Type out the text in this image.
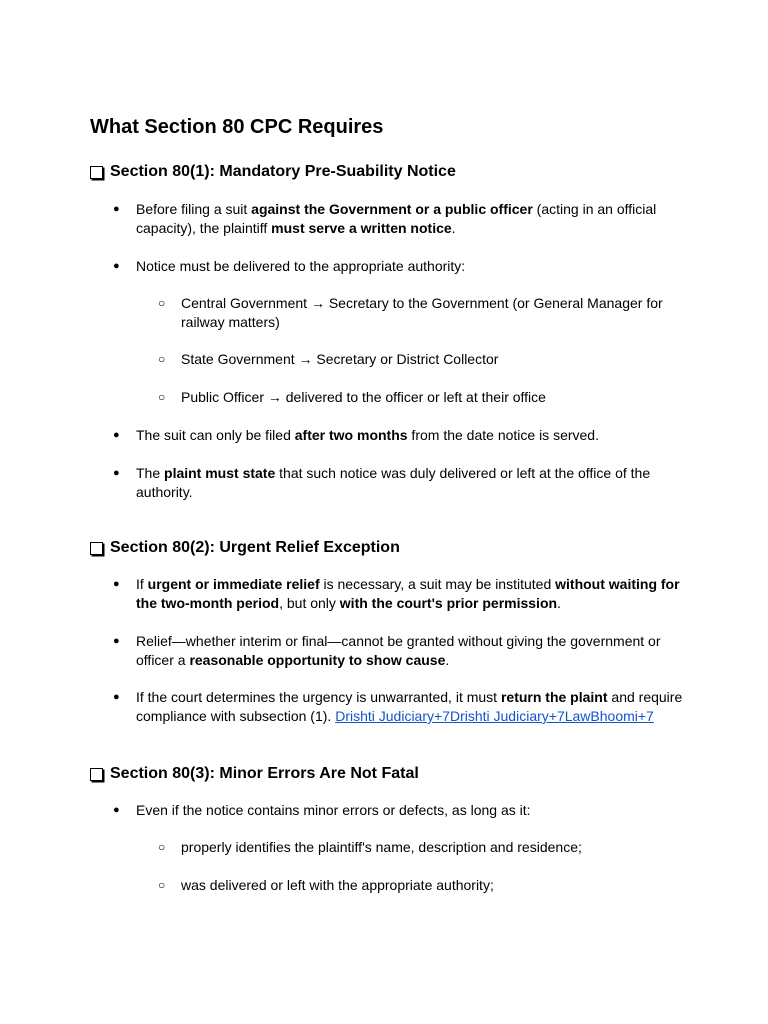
What Section 80 CPC Requires
Section 80(1): Mandatory Pre-Suability Notice

● Before filing a suit against the Government or a public officer (acting in an official capacity), the plaintiff must serve a written notice.

● Notice must be delivered to the appropriate authority:

○ Central Government → Secretary to the Government (or General Manager for railway matters)

○ State Government → Secretary or District Collector

○ Public Officer → delivered to the officer or left at their office

● The suit can only be filed after two months from the date notice is served.

● The plaint must state that such notice was duly delivered or left at the office of the authority.

Section 80(2): Urgent Relief Exception

● If urgent or immediate relief is necessary, a suit may be instituted without waiting for the two-month period, but only with the court's prior permission.

● Relief—whether interim or final—cannot be granted without giving the government or officer a reasonable opportunity to show cause.

● If the court determines the urgency is unwarranted, it must return the plaint and require compliance with subsection (1). Drishti Judiciary+7Drishti Judiciary+7LawBhoomi+7

Section 80(3): Minor Errors Are Not Fatal

● Even if the notice contains minor errors or defects, as long as it:

○ properly identifies the plaintiff's name, description and residence;

○ was delivered or left with the appropriate authority;
